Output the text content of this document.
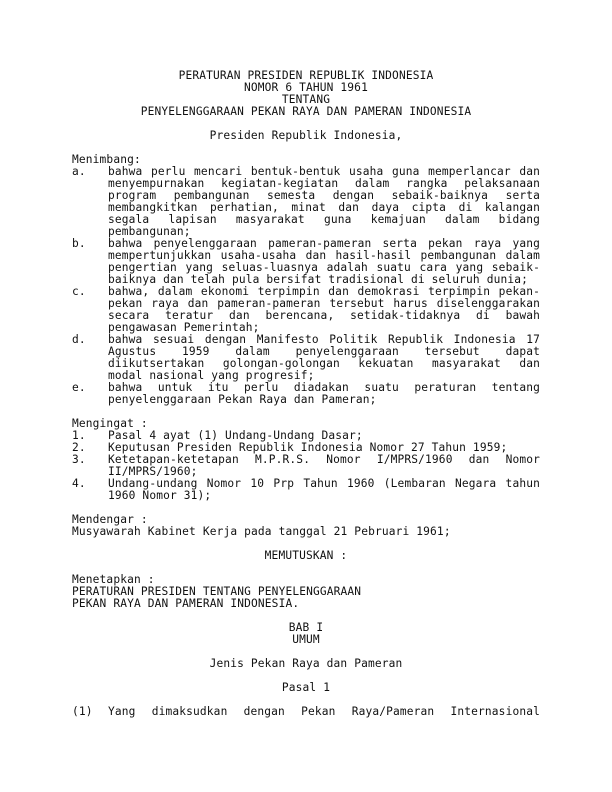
PERATURAN PRESIDEN REPUBLIK INDONESIA
NOMOR 6 TAHUN 1961
TENTANG
PENYELENGGARAAN PEKAN RAYA DAN PAMERAN INDONESIA
Presiden Republik Indonesia,
Menimbang:
a.	bahwa perlu mencari bentuk-bentuk usaha guna memperlancar dan
menyempurnakan kegiatan-kegiatan dalam rangka pelaksanaan
program pembangunan semesta dengan sebaik-baiknya serta
membangkitkan perhatian, minat dan daya cipta di kalangan
segala lapisan masyarakat guna kemajuan dalam bidang
pembangunan;
b.	bahwa penyelenggaraan pameran-pameran serta pekan raya yang
mempertunjukkan usaha-usaha dan hasil-hasil pembangunan dalam
pengertian yang seluas-luasnya adalah suatu cara yang sebaik-
baiknya dan telah pula bersifat tradisional di seluruh dunia;
c.	bahwa, dalam ekonomi terpimpin dan demokrasi terpimpin pekan-
pekan raya dan pameran-pameran tersebut harus diselenggarakan
secara teratur dan berencana, setidak-tidaknya di bawah
pengawasan Pemerintah;
d.	bahwa sesuai dengan Manifesto Politik Republik Indonesia 17
Agustus 1959 dalam penyelenggaraan tersebut dapat
diikutsertakan golongan-golongan kekuatan masyarakat dan
modal nasional yang progresif;
e.	bahwa untuk itu perlu diadakan suatu peraturan tentang
penyelenggaraan Pekan Raya dan Pameran;
Mengingat :
1.	Pasal 4 ayat (1) Undang-Undang Dasar;
2.	Keputusan Presiden Republik Indonesia Nomor 27 Tahun 1959;
3.	Ketetapan-ketetapan M.P.R.S. Nomor I/MPRS/1960 dan Nomor
II/MPRS/1960;
4.	Undang-undang Nomor 10 Prp Tahun 1960 (Lembaran Negara tahun
1960 Nomor 31);
Mendengar :
Musyawarah Kabinet Kerja pada tanggal 21 Pebruari 1961;
MEMUTUSKAN :
Menetapkan :
PERATURAN PRESIDEN TENTANG PENYELENGGARAAN
PEKAN RAYA DAN PAMERAN INDONESIA.
BAB I
UMUM
Jenis Pekan Raya dan Pameran
Pasal 1
(1)	Yang dimaksudkan dengan Pekan Raya/Pameran Internasional
